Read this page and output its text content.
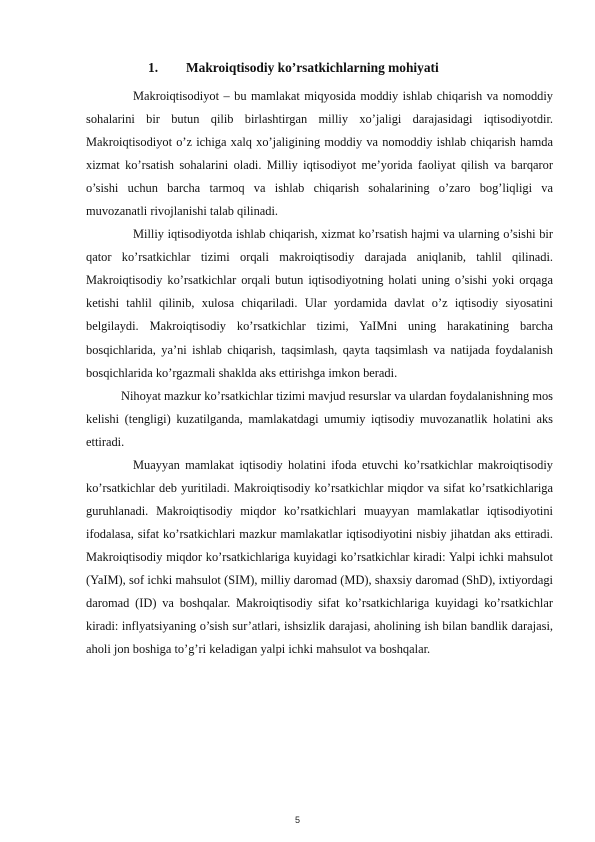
1. Makroiqtisodiy ko’rsatkichlarning mohiyati

Makroiqtisodiyot – bu mamlakat miqyosida moddiy ishlab chiqarish va nomoddiy sohalarini bir butun qilib birlashtirgan milliy xo’jaligi darajasidagi iqtisodiyotdir. Makroiqtisodiyot o’z ichiga xalq xo’jaligining moddiy va nomoddiy ishlab chiqarish hamda xizmat ko’rsatish sohalarini oladi. Milliy iqtisodiyot me’yorida faoliyat qilish va barqaror o’sishi uchun barcha tarmoq va ishlab chiqarish sohalarining o’zaro bog’liqligi va muvozanatli rivojlanishi talab qilinadi.

Milliy iqtisodiyotda ishlab chiqarish, xizmat ko’rsatish hajmi va ularning o’sishi bir qator ko’rsatkichlar tizimi orqali makroiqtisodiy darajada aniqlanib, tahlil qilinadi. Makroiqtisodiy ko’rsatkichlar orqali butun iqtisodiyotning holati uning o’sishi yoki orqaga ketishi tahlil qilinib, xulosa chiqariladi. Ular yordamida davlat o’z iqtisodiy siyosatini belgilaydi. Makroiqtisodiy ko’rsatkichlar tizimi, YaIMni uning harakatining barcha bosqichlarida, ya’ni ishlab chiqarish, taqsimlash, qayta taqsimlash va natijada foydalanish bosqichlarida ko’rgazmali shaklda aks ettirishga imkon beradi.

Nihoyat mazkur ko’rsatkichlar tizimi mavjud resurslar va ulardan foydalanishning mos kelishi (tengligi) kuzatilganda, mamlakatdagi umumiy iqtisodiy muvozanatlik holatini aks ettiradi.

Muayyan mamlakat iqtisodiy holatini ifoda etuvchi ko’rsatkichlar makroiqtisodiy ko’rsatkichlar deb yuritiladi. Makroiqtisodiy ko’rsatkichlar miqdor va sifat ko’rsatkichlariga guruhlanadi. Makroiqtisodiy miqdor ko’rsatkichlari muayyan mamlakatlar iqtisodiyotini ifodalasa, sifat ko’rsatkichlari mazkur mamlakatlar iqtisodiyotini nisbiy jihatdan aks ettiradi. Makroiqtisodiy miqdor ko’rsatkichlariga kuyidagi ko’rsatkichlar kiradi: Yalpi ichki mahsulot (YaIM), sof ichki mahsulot (SIM), milliy daromad (MD), shaxsiy daromad (ShD), ixtiyordagi daromad (ID) va boshqalar. Makroiqtisodiy sifat ko’rsatkichlariga kuyidagi ko’rsatkichlar kiradi: inflyatsiyaning o’sish sur’atlari, ishsizlik darajasi, aholining ish bilan bandlik darajasi, aholi jon boshiga to’g’ri keladigan yalpi ichki mahsulot va boshqalar.

5
